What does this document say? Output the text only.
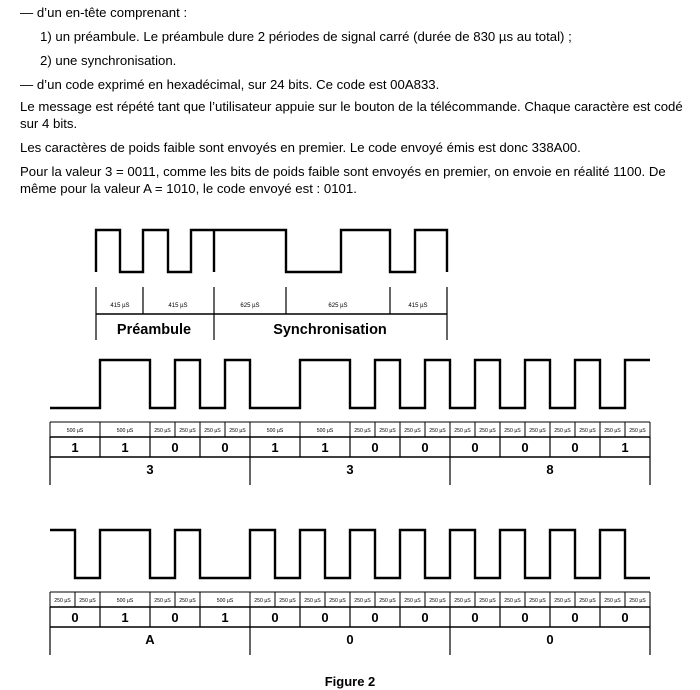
— d’un en-tête comprenant :
1) un préambule. Le préambule dure 2 périodes de signal carré (durée de 830 µs au total) ;
2) une synchronisation.
— d’un code exprimé en hexadécimal, sur 24 bits. Ce code est 00A833.

Le message est répété tant que l’utilisateur appuie sur le bouton de la télécommande. Chaque caractère est codé sur 4 bits.

Les caractères de poids faible sont envoyés en premier. Le code envoyé émis est donc 338A00.

Pour la valeur 3 = 0011, comme les bits de poids faible sont envoyés en premier, on envoie en réalité 1100. De même pour la valeur A = 1010, le code envoyé est : 0101.

415 µS	415 µS	625 µS	625 µS	415 µS
Préambule	Synchronisation
500 µS	500 µS	250 µS 250 µS 250 µS 250 µS	500 µS	500 µS	250 µS 250 µS 250 µS 250 µS 250 µS 250 µS 250 µS 250 µS 250 µS 250 µS 250 µS 250 µS
1	1	0	0	1	1	0	0	0	0	0	1
3	3	8
250 µS 250 µS	500 µS	250 µS 250 µS	500 µS	250 µS 250 µS 250 µS 250 µS 250 µS 250 µS 250 µS 250 µS 250 µS 250 µS 250 µS 250 µS 250 µS 250 µS 250 µS 250 µS
0	1	0	1	0	0	0	0	0	0	0	0
A	0	0
Figure 2
